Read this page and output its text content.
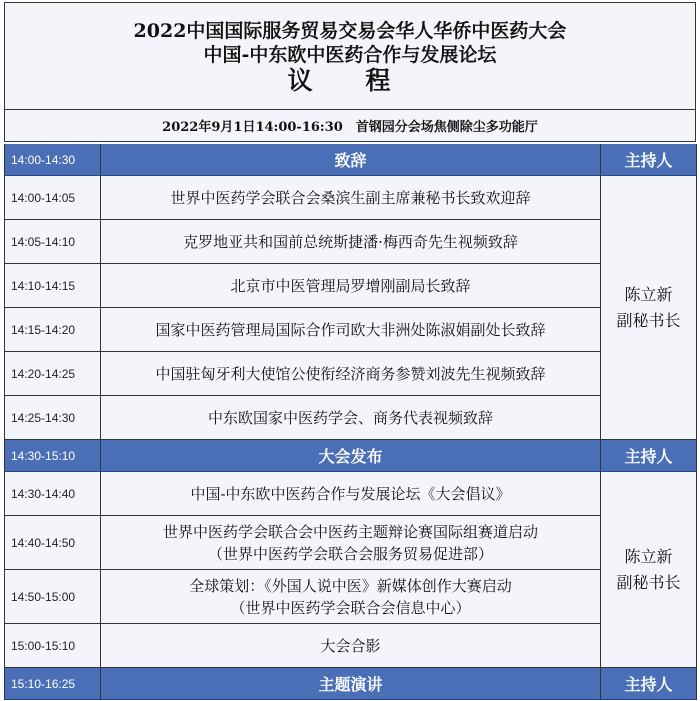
2022中国国际服务贸易交易会华人华侨中医药大会
中国-中东欧中医药合作与发展论坛
议 程
2022年9月1日14:00-16:30　首钢园分会场焦侧除尘多功能厅
14:00-14:30	致辞	主持人
14:00-14:05	世界中医药学会联合会桑滨生副主席兼秘书长致欢迎辞
陈立新
副秘书长
14:05-14:10	克罗地亚共和国前总统斯捷潘·梅西奇先生视频致辞
14:10-14:15	北京市中医管理局罗增刚副局长致辞
14:15-14:20	国家中医药管理局国际合作司欧大非洲处陈淑娟副处长致辞
14:20-14:25	中国驻匈牙利大使馆公使衔经济商务参赞刘波先生视频致辞
14:25-14:30	中东欧国家中医药学会、商务代表视频致辞
14:30-15:10	大会发布	主持人
14:30-14:40	中国-中东欧中医药合作与发展论坛《大会倡议》
陈立新
副秘书长
14:40-14:50
世界中医药学会联合会中医药主题辩论赛国际组赛道启动
（世界中医药学会联合会服务贸易促进部）
14:50-15:00
全球策划：《外国人说中医》新媒体创作大赛启动
（世界中医药学会联合会信息中心）
15:00-15:10	大会合影
15:10-16:25	主题演讲	主持人
